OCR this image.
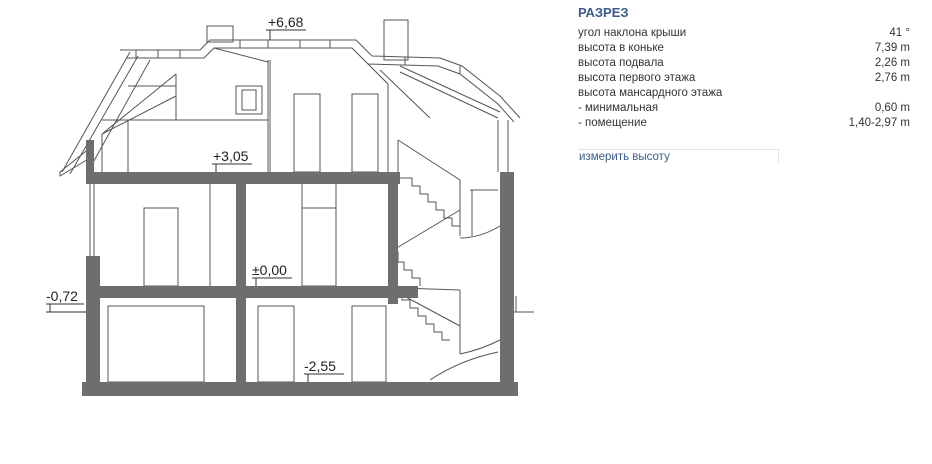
+6,68
+3,05
±0,00
-0,72
-2,55
РАЗРЕЗ
угол наклона крыши	41 °
высота в коньке	7,39 m
высота подвала	2,26 m
высота первого этажа	2,76 m
высота мансардного этажа	
- минимальная	0,60 m
- помещение	1,40-2,97 m
измерить высоту
